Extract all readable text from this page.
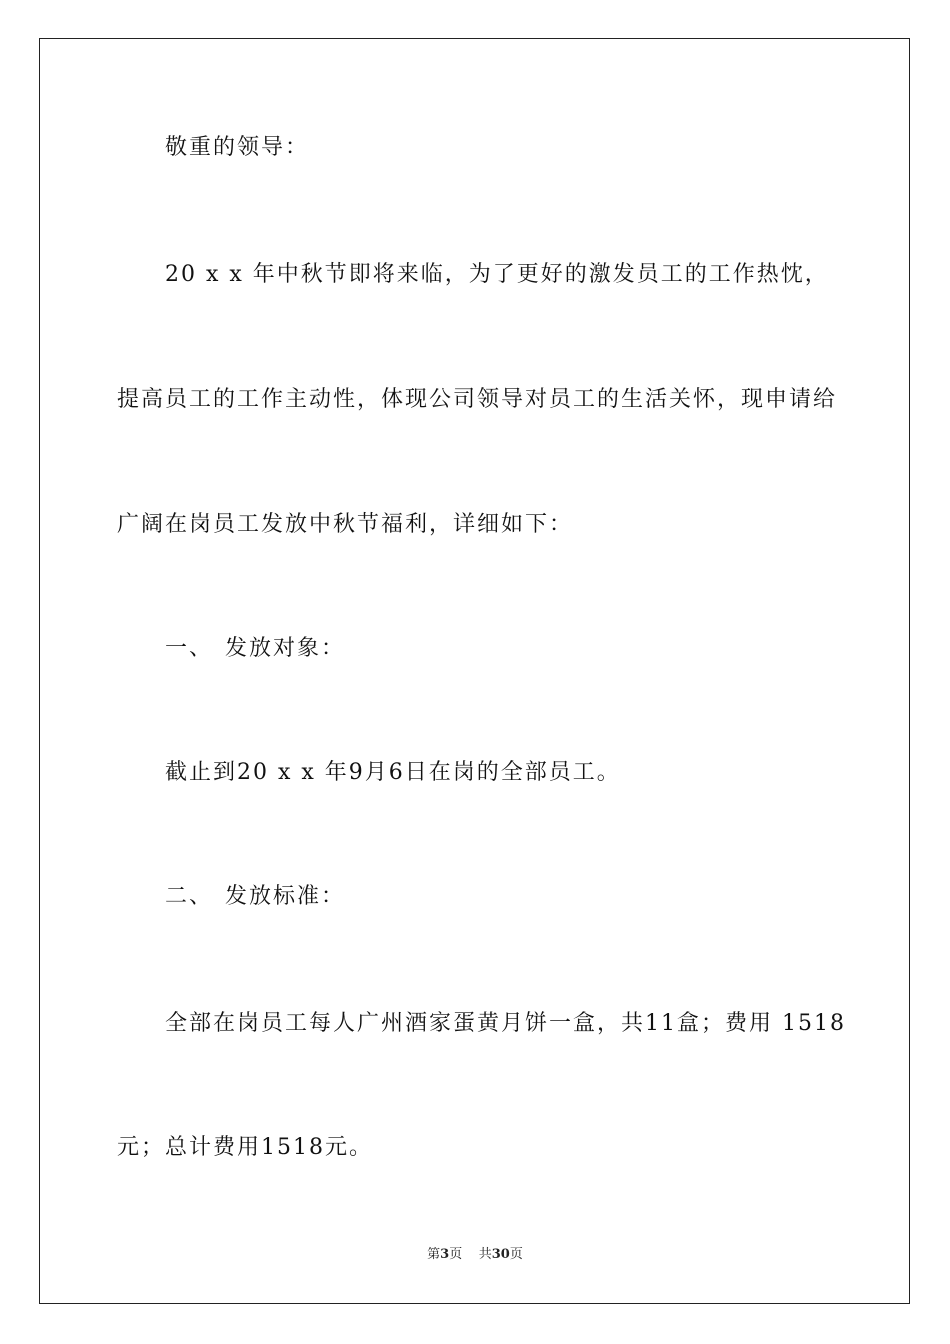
敬重的领导：
20 x x 年中秋节即将来临，为了更好的激发员工的工作热忱，
提高员工的工作主动性，体现公司领导对员工的生活关怀，现申请给
广阔在岗员工发放中秋节福利，详细如下：
一、 发放对象：
截止到20 x x 年9月6日在岗的全部员工。
二、 发放标准：
全部在岗员工每人广州酒家蛋黄月饼一盒，共11盒；费用 1518
元；总计费用1518元。
第3页 共30页
